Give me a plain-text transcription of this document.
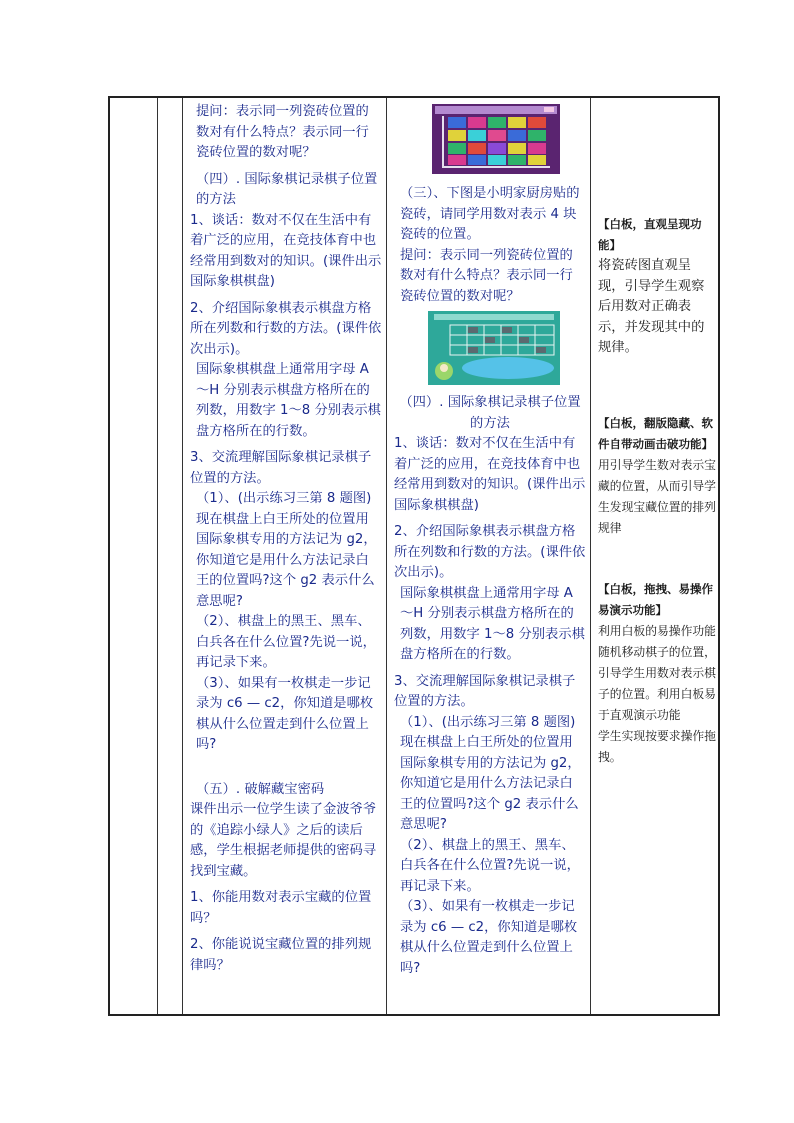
提问：表示同一列瓷砖位置的数对有什么特点？表示同一行瓷砖位置的数对呢？

（四）. 国际象棋记录棋子位置的方法

1、谈话：数对不仅在生活中有着广泛的应用，在竞技体育中也经常用到数对的知识。(课件出示国际象棋棋盘)

2、介绍国际象棋表示棋盘方格所在列数和行数的方法。(课件依次出示)。

国际象棋棋盘上通常用字母 A～H 分别表示棋盘方格所在的列数，用数字 1～8 分别表示棋盘方格所在的行数。

3、交流理解国际象棋记录棋子位置的方法。

（1）、(出示练习三第 8 题图) 现在棋盘上白王所处的位置用国际象棋专用的方法记为 g2，你知道它是用什么方法记录白王的位置吗?这个 g2 表示什么意思呢?

（2）、棋盘上的黑王、黑车、白兵各在什么位置?先说一说，再记录下来。

（3）、如果有一枚棋走一步记录为 c6 — c2，你知道是哪枚棋从什么位置走到什么位置上吗?

（五）. 破解藏宝密码

课件出示一位学生读了金波爷爷的《追踪小绿人》之后的读后感，学生根据老师提供的密码寻找到宝藏。

1、你能用数对表示宝藏的位置吗？

2、你能说说宝藏位置的排列规律吗？

（三）、下图是小明家厨房贴的瓷砖，请同学用数对表示 4 块瓷砖的位置。

提问：表示同一列瓷砖位置的数对有什么特点？表示同一行瓷砖位置的数对呢？

（四）. 国际象棋记录棋子位置的方法

1、谈话：数对不仅在生活中有着广泛的应用，在竞技体育中也经常用到数对的知识。(课件出示国际象棋棋盘)

2、介绍国际象棋表示棋盘方格所在列数和行数的方法。(课件依次出示)。

国际象棋棋盘上通常用字母 A～H 分别表示棋盘方格所在的列数，用数字 1～8 分别表示棋盘方格所在的行数。

3、交流理解国际象棋记录棋子位置的方法。

（1）、(出示练习三第 8 题图) 现在棋盘上白王所处的位置用国际象棋专用的方法记为 g2，你知道它是用什么方法记录白王的位置吗?这个 g2 表示什么意思呢?

（2）、棋盘上的黑王、黑车、白兵各在什么位置?先说一说，再记录下来。

（3）、如果有一枚棋走一步记录为 c6 — c2，你知道是哪枚棋从什么位置走到什么位置上吗?

【白板，直观呈现功能】

将瓷砖图直观呈现，引导学生观察后用数对正确表示，并发现其中的规律。

【白板，翻版隐藏、软件自带动画击破功能】

用引导学生数对表示宝藏的位置，从而引导学生发现宝藏位置的排列规律

【白板，拖拽、易操作易演示功能】

利用白板的易操作功能随机移动棋子的位置，引导学生用数对表示棋子的位置。利用白板易于直观演示功能

学生实现按要求操作拖拽。
